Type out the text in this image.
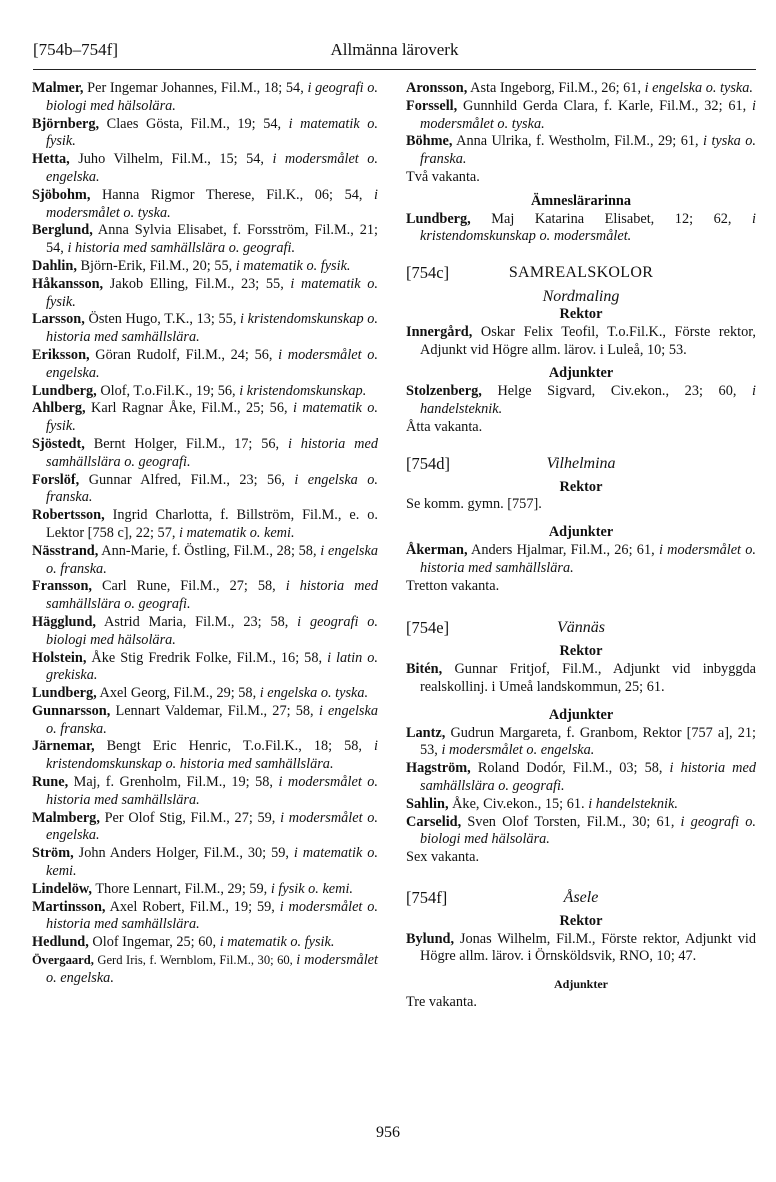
[754b–754f]	Allmänna läroverk

Malmer, Per Ingemar Johannes, Fil.M., 18; 54, i geografi o. biologi med hälsolära.

Björnberg, Claes Gösta, Fil.M., 19; 54, i matematik o. fysik.

Hetta, Juho Vilhelm, Fil.M., 15; 54, i modersmålet o. engelska.

Sjöbohm, Hanna Rigmor Therese, Fil.K., 06; 54, i modersmålet o. tyska.

Berglund, Anna Sylvia Elisabet, f. Forsström, Fil.M., 21; 54, i historia med samhällslära o. geografi.

Dahlin, Björn-Erik, Fil.M., 20; 55, i matematik o. fysik.

Håkansson, Jakob Elling, Fil.M., 23; 55, i matematik o. fysik.

Larsson, Östen Hugo, T.K., 13; 55, i kristendomskunskap o. historia med samhällslära.

Eriksson, Göran Rudolf, Fil.M., 24; 56, i modersmålet o. engelska.

Lundberg, Olof, T.o.Fil.K., 19; 56, i kristendomskunskap.

Ahlberg, Karl Ragnar Åke, Fil.M., 25; 56, i matematik o. fysik.

Sjöstedt, Bernt Holger, Fil.M., 17; 56, i historia med samhällslära o. geografi.

Forslöf, Gunnar Alfred, Fil.M., 23; 56, i engelska o. franska.

Robertsson, Ingrid Charlotta, f. Billström, Fil.M., e. o. Lektor [758 c], 22; 57, i matematik o. kemi.

Nässtrand, Ann-Marie, f. Östling, Fil.M., 28; 58, i engelska o. franska.

Fransson, Carl Rune, Fil.M., 27; 58, i historia med samhällslära o. geografi.

Hägglund, Astrid Maria, Fil.M., 23; 58, i geografi o. biologi med hälsolära.

Holstein, Åke Stig Fredrik Folke, Fil.M., 16; 58, i latin o. grekiska.

Lundberg, Axel Georg, Fil.M., 29; 58, i engelska o. tyska.

Gunnarsson, Lennart Valdemar, Fil.M., 27; 58, i engelska o. franska.

Järnemar, Bengt Eric Henric, T.o.Fil.K., 18; 58, i kristendomskunskap o. historia med samhällslära.

Rune, Maj, f. Grenholm, Fil.M., 19; 58, i modersmålet o. historia med samhällslära.

Malmberg, Per Olof Stig, Fil.M., 27; 59, i modersmålet o. engelska.

Ström, John Anders Holger, Fil.M., 30; 59, i matematik o. kemi.

Lindelöw, Thore Lennart, Fil.M., 29; 59, i fysik o. kemi.

Martinsson, Axel Robert, Fil.M., 19; 59, i modersmålet o. historia med samhällslära.

Hedlund, Olof Ingemar, 25; 60, i matematik o. fysik.

Övergaard, Gerd Iris, f. Wernblom, Fil.M., 30; 60, i modersmålet o. engelska.

Aronsson, Asta Ingeborg, Fil.M., 26; 61, i engelska o. tyska.

Forssell, Gunnhild Gerda Clara, f. Karle, Fil.M., 32; 61, i modersmålet o. tyska.

Böhme, Anna Ulrika, f. Westholm, Fil.M., 29; 61, i tyska o. franska.

Två vakanta.

Ämneslärarinna

Lundberg, Maj Katarina Elisabet, 12; 62, i kristendomskunskap o. modersmålet.

[754c]	SAMREALSKOLOR

Nordmaling

Rektor

Innergård, Oskar Felix Teofil, T.o.Fil.K., Förste rektor, Adjunkt vid Högre allm. lärov. i Luleå, 10; 53.

Adjunkter

Stolzenberg, Helge Sigvard, Civ.ekon., 23; 60, i handelsteknik.

Åtta vakanta.

[754d]	Vilhelmina

Rektor

Se komm. gymn. [757].

Adjunkter

Åkerman, Anders Hjalmar, Fil.M., 26; 61, i modersmålet o. historia med samhällslära.

Tretton vakanta.

[754e]	Vännäs

Rektor

Bitén, Gunnar Fritjof, Fil.M., Adjunkt vid inbyggda realskollinj. i Umeå landskommun, 25; 61.

Adjunkter

Lantz, Gudrun Margareta, f. Granbom, Rektor [757 a], 21; 53, i modersmålet o. engelska.

Hagström, Roland Dodór, Fil.M., 03; 58, i historia med samhällslära o. geografi.

Sahlin, Åke, Civ.ekon., 15; 61. i handelsteknik.

Carselid, Sven Olof Torsten, Fil.M., 30; 61, i geografi o. biologi med hälsolära.

Sex vakanta.

[754f]	Åsele

Rektor

Bylund, Jonas Wilhelm, Fil.M., Förste rektor, Adjunkt vid Högre allm. lärov. i Örnsköldsvik, RNO, 10; 47.

Adjunkter

Tre vakanta.

956
